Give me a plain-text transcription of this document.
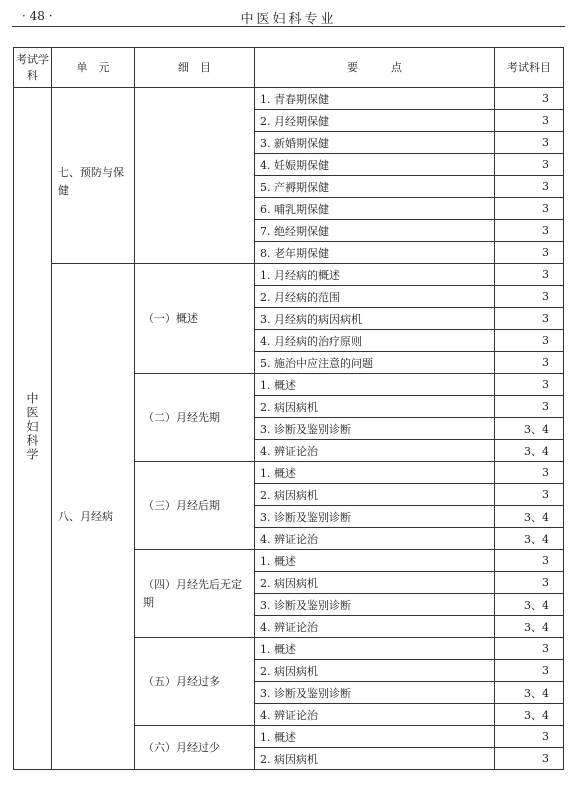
· 48 ·	中医妇科专业
考试学科	单　元	细　目	要　　　点	考试科目
中医妇科学	七、预防与保健		1. 青春期保健	3
			2. 月经期保健	3
			3. 新婚期保健	3
			4. 妊娠期保健	3
			5. 产褥期保健	3
			6. 哺乳期保健	3
			7. 绝经期保健	3
			8. 老年期保健	3
	八、月经病	（一）概述	1. 月经病的概述	3
			2. 月经病的范围	3
			3. 月经病的病因病机	3
			4. 月经病的治疗原则	3
			5. 施治中应注意的问题	3
		（二）月经先期	1. 概述	3
			2. 病因病机	3
			3. 诊断及鉴别诊断	3、4
			4. 辨证论治	3、4
		（三）月经后期	1. 概述	3
			2. 病因病机	3
			3. 诊断及鉴别诊断	3、4
			4. 辨证论治	3、4
		（四）月经先后无定期	1. 概述	3
			2. 病因病机	3
			3. 诊断及鉴别诊断	3、4
			4. 辨证论治	3、4
		（五）月经过多	1. 概述	3
			2. 病因病机	3
			3. 诊断及鉴别诊断	3、4
			4. 辨证论治	3、4
		（六）月经过少	1. 概述	3
			2. 病因病机	3
